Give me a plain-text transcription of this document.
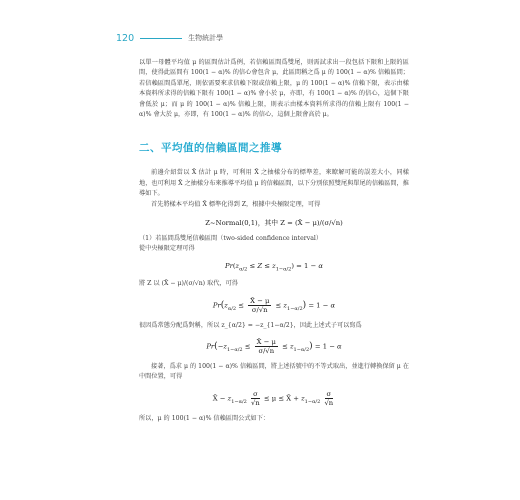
120	生物統計學

以單一母體平均值 μ 的區間估計爲例，若信賴區間爲雙尾，則需試求出一段包括下限和上限的區間，使得此區間有 100(1 − α)% 的信心會包含 μ，此區間稱之爲 μ 的 100(1 − α)% 信賴區間；若信賴區間爲單尾，則依需要來求信賴下限或信賴上限，μ 的 100(1 − α)% 信賴下限，表示由樣本資料所求得的信賴下限有 100(1 − α)% 會小於 μ，亦即，有 100(1 − α)% 的信心，這個下限會低於 μ；而 μ 的 100(1 − α)% 信賴上限，則表示由樣本資料所求得的信賴上限有 100(1 − α)% 會大於 μ，亦即，有 100(1 − α)% 的信心，這個上限會高於 μ。

二、平均值的信賴區間之推導

前邊介紹當以 X̄ 估計 μ 時，可利用 X̄ 之抽樣分布的標準差，來瞭解可能的誤差大小，同樣地，也可利用 X̄ 之抽樣分布來推導平均值 μ 的信賴區間，以下分別依照雙尾與單尾的信賴區間，推導如下。

首先將樣本平均值 X̄ 標準化得到 Z，根據中央極限定理，可得

Z~Normal(0,1)，其中 Z = (X̄ − μ)/(σ/√n)

（1）若區間爲雙尾信賴區間（two-sided confidence interval）

從中央極限定理可得

$Pr(z_{\alpha/2} \le Z \le z_{1-\alpha/2}) = 1 - \alpha$

將 Z 以 (X̄ − μ)/(σ/√n) 取代，可得

$Pr(z_{\alpha/2} \le \frac{X̄ - \mu}{\sigma/√n} \le z_{1-\alpha/2}) = 1 - \alpha$

很因爲常態分配爲對稱，所以 z_{α/2} = −z_{1−α/2}，因此上述式子可以寫爲

$Pr(-z_{1-\alpha/2} \le \frac{X̄ - \mu}{\sigma/√n} \le z_{1-\alpha/2}) = 1 - \alpha$

接著，爲求 μ 的 100(1 − α)% 信賴區間，將上述括號中的不等式取出，並進行轉換保留 μ 在中間位置，可得

X̄ − $z_{1-\alpha/2} \frac{\sigma}{√n} \le \mu$ ≤ X̄ + $z_{1-\alpha/2} \frac{\sigma}{√n}$

所以，μ 的 100(1 − α)% 信賴區間公式如下：
